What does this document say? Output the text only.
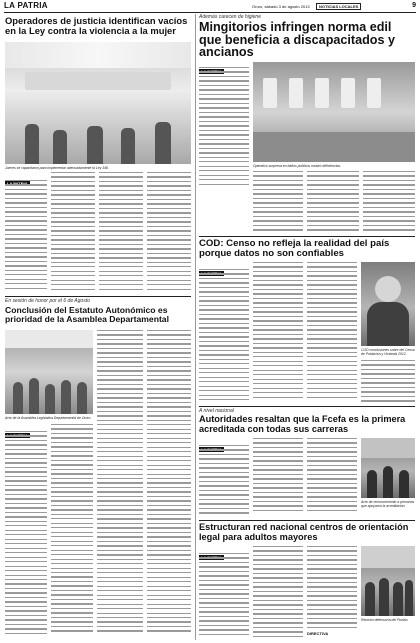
LA PATRIA	Oruro, sábado 3 de agosto 2013	NOTICIAS LOCALES	9
Operadores de justicia identifican vacíos en la Ley contra la violencia a la mujer
Jueces se capacitaron para implementar adecuadamente la Ley 348.
Además carecen de higiene
Mingitorios infringen norma edil que beneficia a discapacitados y ancianos
Operativo sorpresa en baños públicos mostró deficiencias.
COD: Censo no refleja la realidad del país porque datos no son confiables
COD conclusiones sobre del Censo de Población y Vivienda 2012.
En sesión de honor por el 6 de Agosto
Conclusión del Estatuto Autonómico es prioridad de la Asamblea Departamental
Acto de la Asamblea Legislativa Departamental de Oruro.
A nivel nacional
Autoridades resaltan que la Fcefa es la primera acreditada con todas sus carreras
Acto de reconocimiento a personas que apoyaron la acreditación.
Estructuran red nacional centros de orientación legal para adultos mayores
DIRECTIVA
Reunión defensoría del Pueblo.
